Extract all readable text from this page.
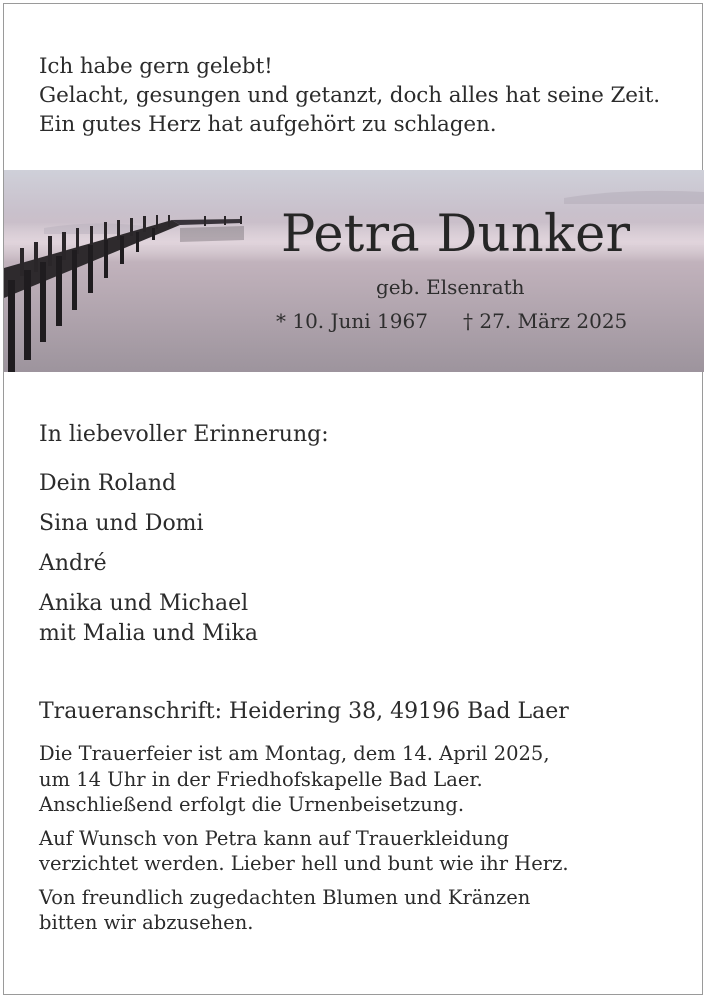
Ich habe gern gelebt!
Gelacht, gesungen und getanzt, doch alles hat seine Zeit.
Ein gutes Herz hat aufgehört zu schlagen.
Petra Dunker
geb. Elsenrath
* 10. Juni 1967 † 27. März 2025
In liebevoller Erinnerung:
Dein Roland
Sina und Domi
André
Anika und Michael
mit Malia und Mika
Traueranschrift: Heidering 38, 49196 Bad Laer
Die Trauerfeier ist am Montag, dem 14. April 2025,
um 14 Uhr in der Friedhofskapelle Bad Laer.
Anschließend erfolgt die Urnenbeisetzung.
Auf Wunsch von Petra kann auf Trauerkleidung
verzichtet werden. Lieber hell und bunt wie ihr Herz.
Von freundlich zugedachten Blumen und Kränzen
bitten wir abzusehen.
